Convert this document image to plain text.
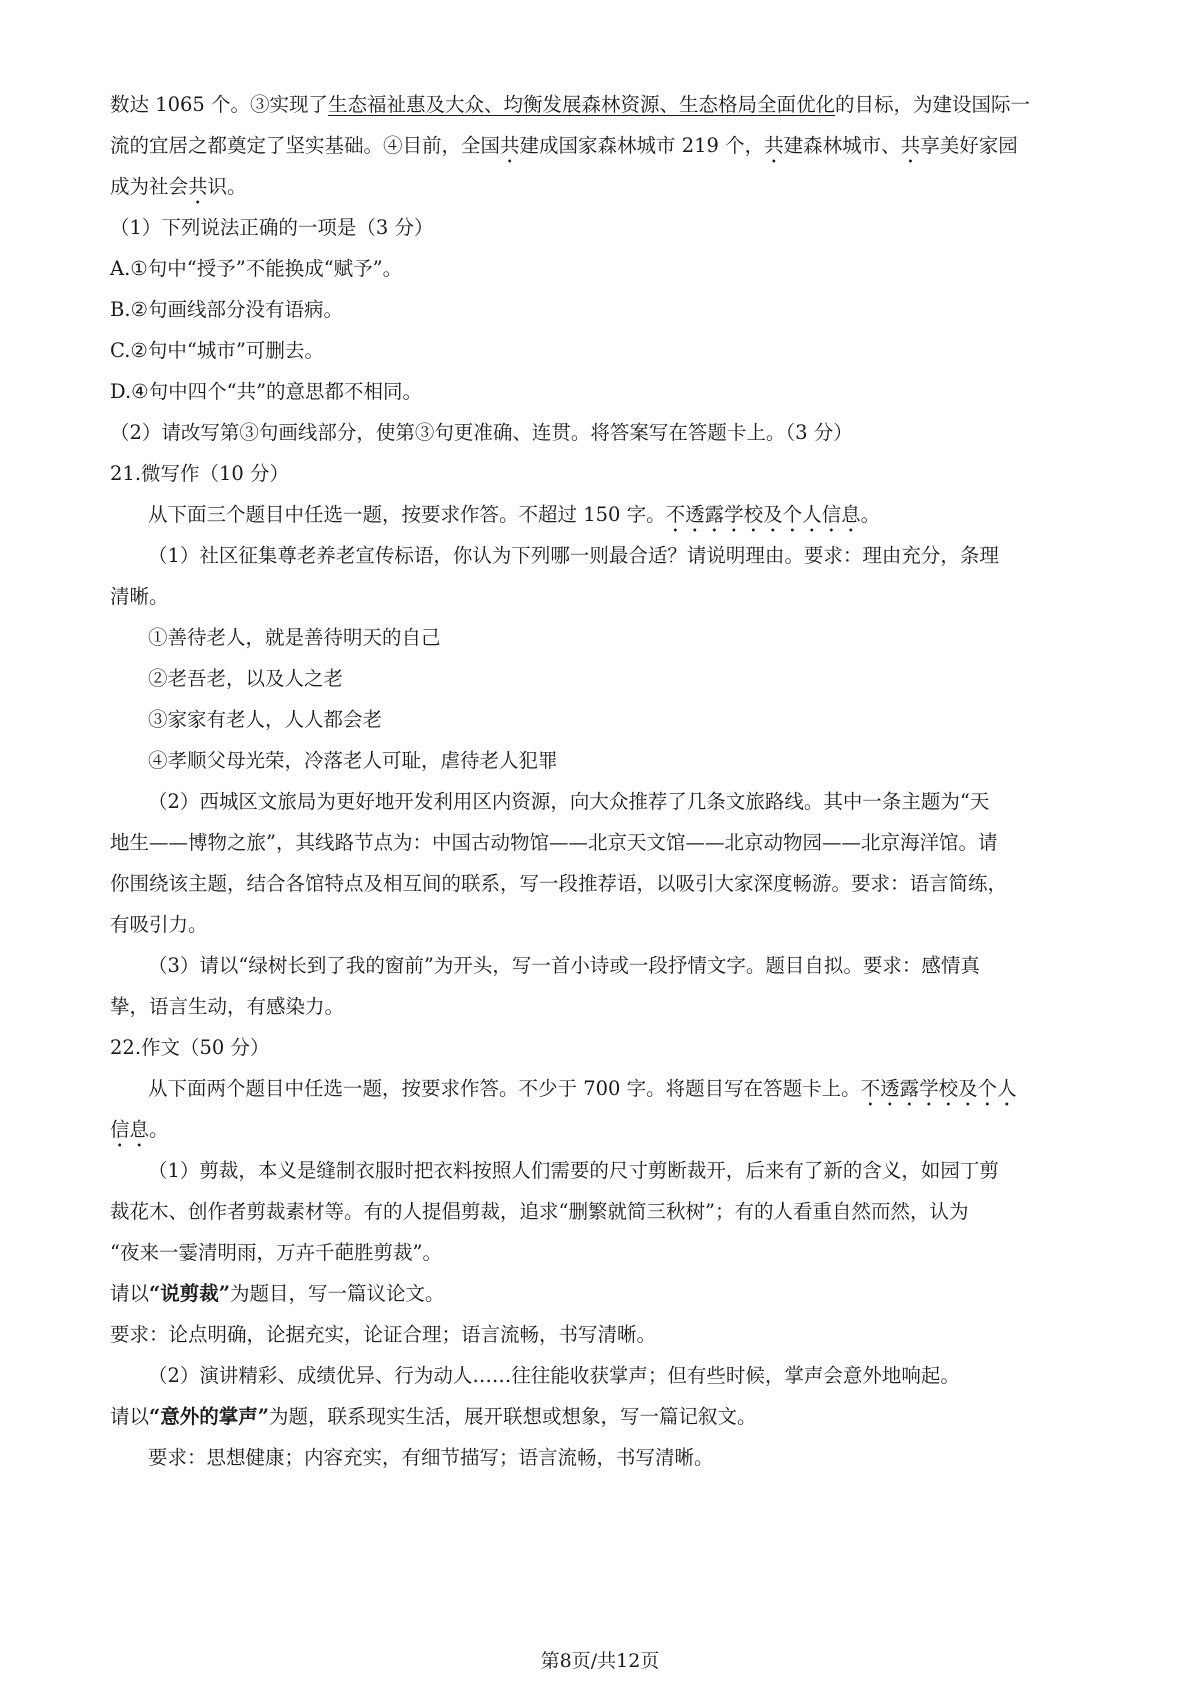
数达 1065 个。③实现了生态福祉惠及大众、均衡发展森林资源、生态格局全面优化的目标，为建设国际一
流的宜居之都奠定了坚实基础。④目前，全国共建成国家森林城市 219 个，共建森林城市、共享美好家园
成为社会共识。
（1）下列说法正确的一项是（3 分）
A.①句中“授予”不能换成“赋予”。
B.②句画线部分没有语病。
C.②句中“城市”可删去。
D.④句中四个“共”的意思都不相同。
（2）请改写第③句画线部分，使第③句更准确、连贯。将答案写在答题卡上。（3 分）
21.微写作（10 分）
从下面三个题目中任选一题，按要求作答。不超过 150 字。不透露学校及个人信息。
（1）社区征集尊老养老宣传标语，你认为下列哪一则最合适？请说明理由。要求：理由充分，条理
清晰。
①善待老人，就是善待明天的自己
②老吾老，以及人之老
③家家有老人，人人都会老
④孝顺父母光荣，冷落老人可耻，虐待老人犯罪
（2）西城区文旅局为更好地开发利用区内资源，向大众推荐了几条文旅路线。其中一条主题为“天
地生——博物之旅”，其线路节点为：中国古动物馆——北京天文馆——北京动物园——北京海洋馆。请
你围绕该主题，结合各馆特点及相互间的联系，写一段推荐语，以吸引大家深度畅游。要求：语言简练，
有吸引力。
（3）请以“绿树长到了我的窗前”为开头，写一首小诗或一段抒情文字。题目自拟。要求：感情真
挚，语言生动，有感染力。
22.作文（50 分）
从下面两个题目中任选一题，按要求作答。不少于 700 字。将题目写在答题卡上。不透露学校及个人
信息。
（1）剪裁，本义是缝制衣服时把衣料按照人们需要的尺寸剪断裁开，后来有了新的含义，如园丁剪
裁花木、创作者剪裁素材等。有的人提倡剪裁，追求“删繁就简三秋树”；有的人看重自然而然，认为
“夜来一霎清明雨，万卉千葩胜剪裁”。
请以“说剪裁”为题目，写一篇议论文。
要求：论点明确，论据充实，论证合理；语言流畅，书写清晰。
（2）演讲精彩、成绩优异、行为动人……往往能收获掌声；但有些时候，掌声会意外地响起。
请以“意外的掌声”为题，联系现实生活，展开联想或想象，写一篇记叙文。
要求：思想健康；内容充实，有细节描写；语言流畅，书写清晰。
第8页/共12页
